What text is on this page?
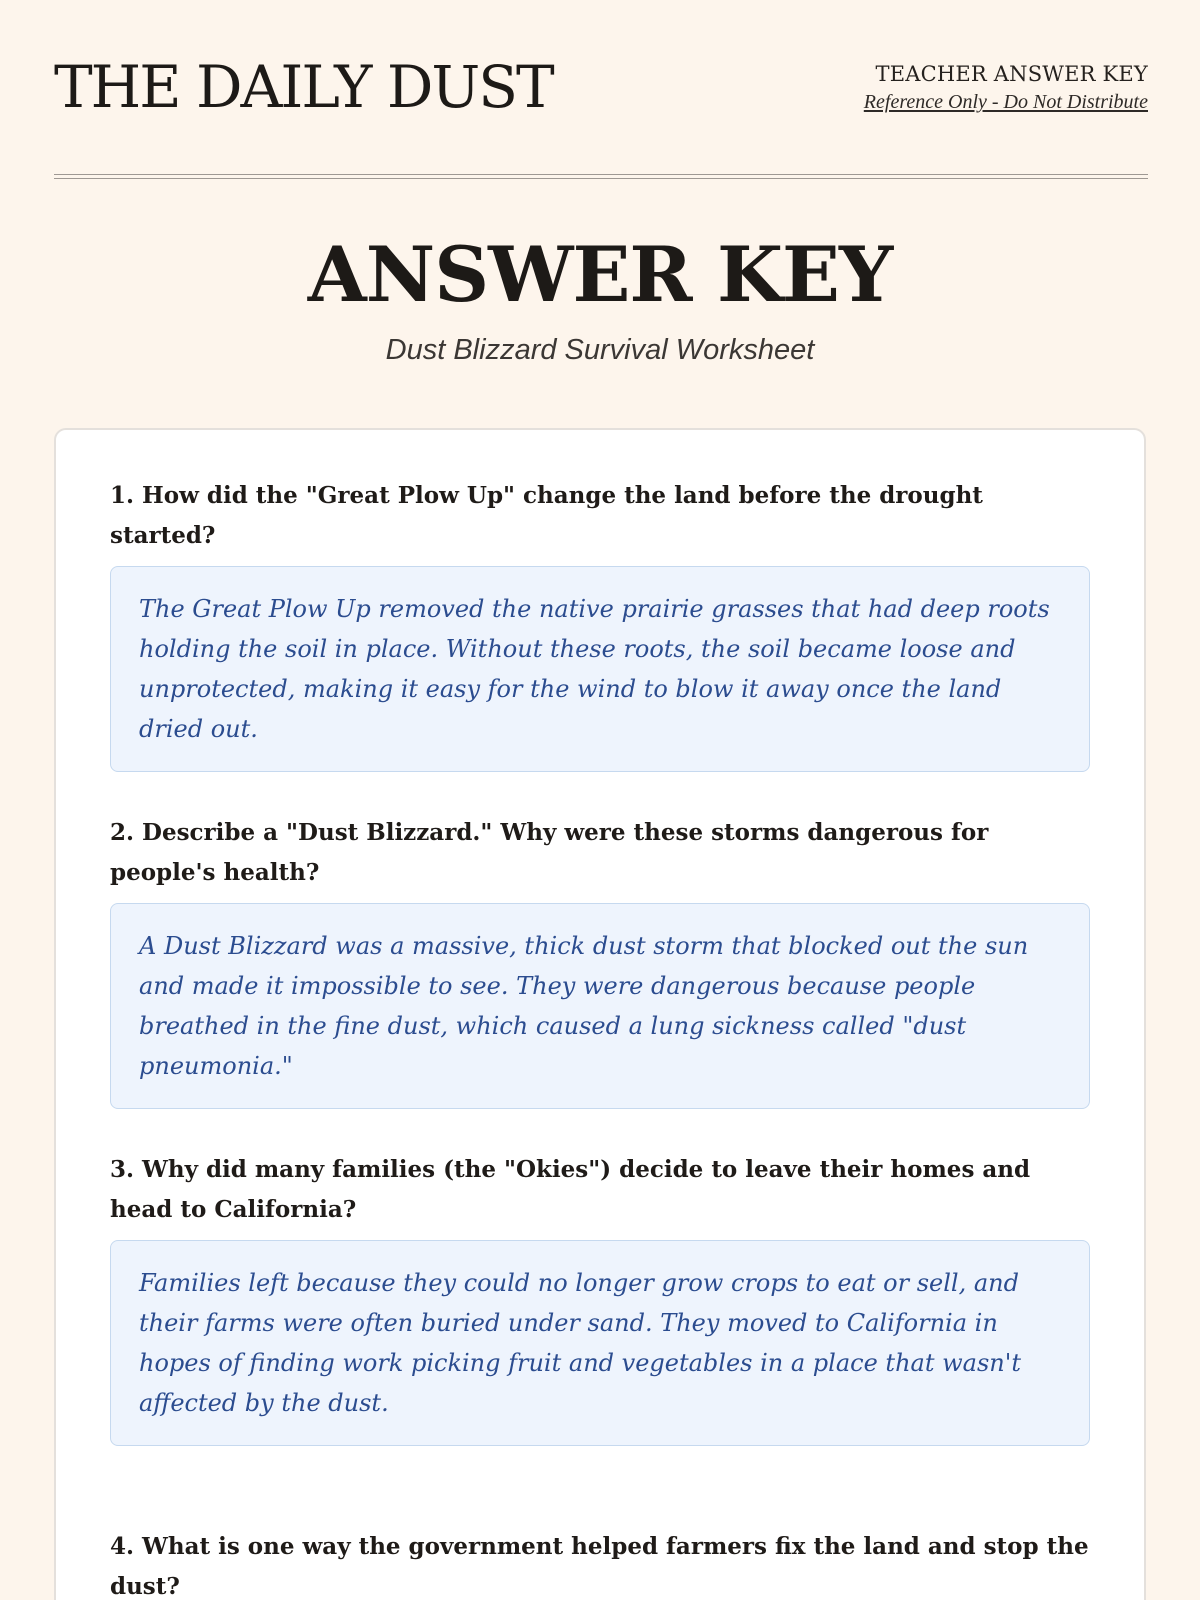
THE DAILY DUST	TEACHER ANSWER KEY
Reference Only - Do Not Distribute
ANSWER KEY
Dust Blizzard Survival Worksheet

1. How did the "Great Plow Up" change the land before the drought started?

The Great Plow Up removed the native prairie grasses that had deep roots holding the soil in place. Without these roots, the soil became loose and unprotected, making it easy for the wind to blow it away once the land dried out.

2. Describe a "Dust Blizzard." Why were these storms dangerous for people's health?

A Dust Blizzard was a massive, thick dust storm that blocked out the sun and made it impossible to see. They were dangerous because people breathed in the fine dust, which caused a lung sickness called "dust pneumonia."

3. Why did many families (the "Okies") decide to leave their homes and head to California?

Families left because they could no longer grow crops to eat or sell, and their farms were often buried under sand. They moved to California in hopes of finding work picking fruit and vegetables in a place that wasn't affected by the dust.

4. What is one way the government helped farmers fix the land and stop the dust?
